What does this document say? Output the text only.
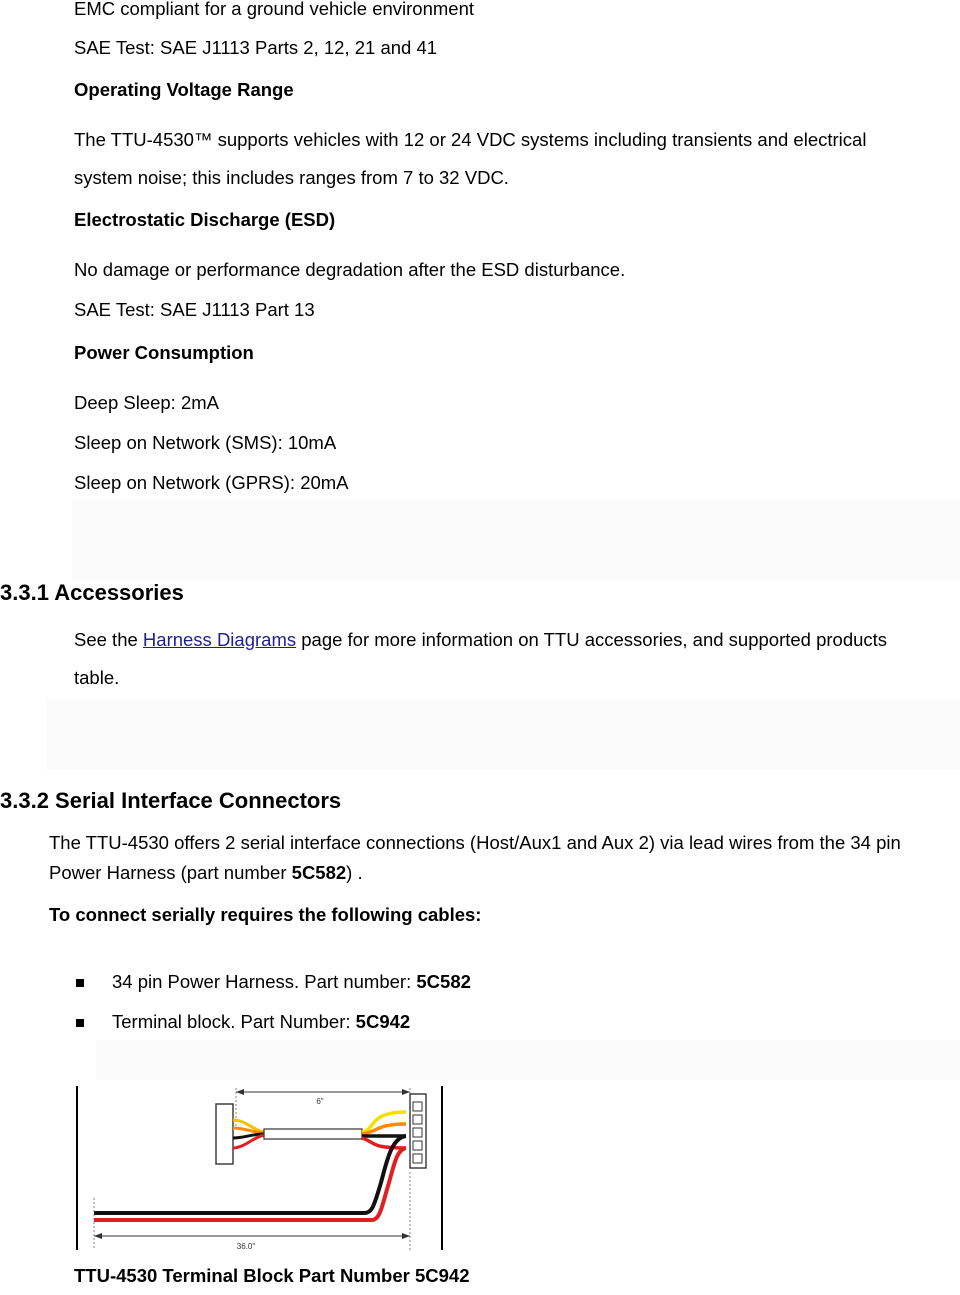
EMC compliant for a ground vehicle environment

SAE Test: SAE J1113 Parts 2, 12, 21 and 41

Operating Voltage Range

The TTU-4530™ supports vehicles with 12 or 24 VDC systems including transients and electrical

system noise; this includes ranges from 7 to 32 VDC.

Electrostatic Discharge (ESD)

No damage or performance degradation after the ESD disturbance.

SAE Test: SAE J1113 Part 13

Power Consumption

Deep Sleep: 2mA

Sleep on Network (SMS): 10mA

Sleep on Network (GPRS): 20mA

3.3.1 Accessories

See the Harness Diagrams page for more information on TTU accessories, and supported products

table.

3.3.2 Serial Interface Connectors

The TTU-4530 offers 2 serial interface connections (Host/Aux1 and Aux 2) via lead wires from the 34 pin

Power Harness (part number 5C582) .

To connect serially requires the following cables:

34 pin Power Harness. Part number: 5C582

Terminal block. Part Number: 5C942

6"
36.0"

TTU-4530 Terminal Block Part Number 5C942
